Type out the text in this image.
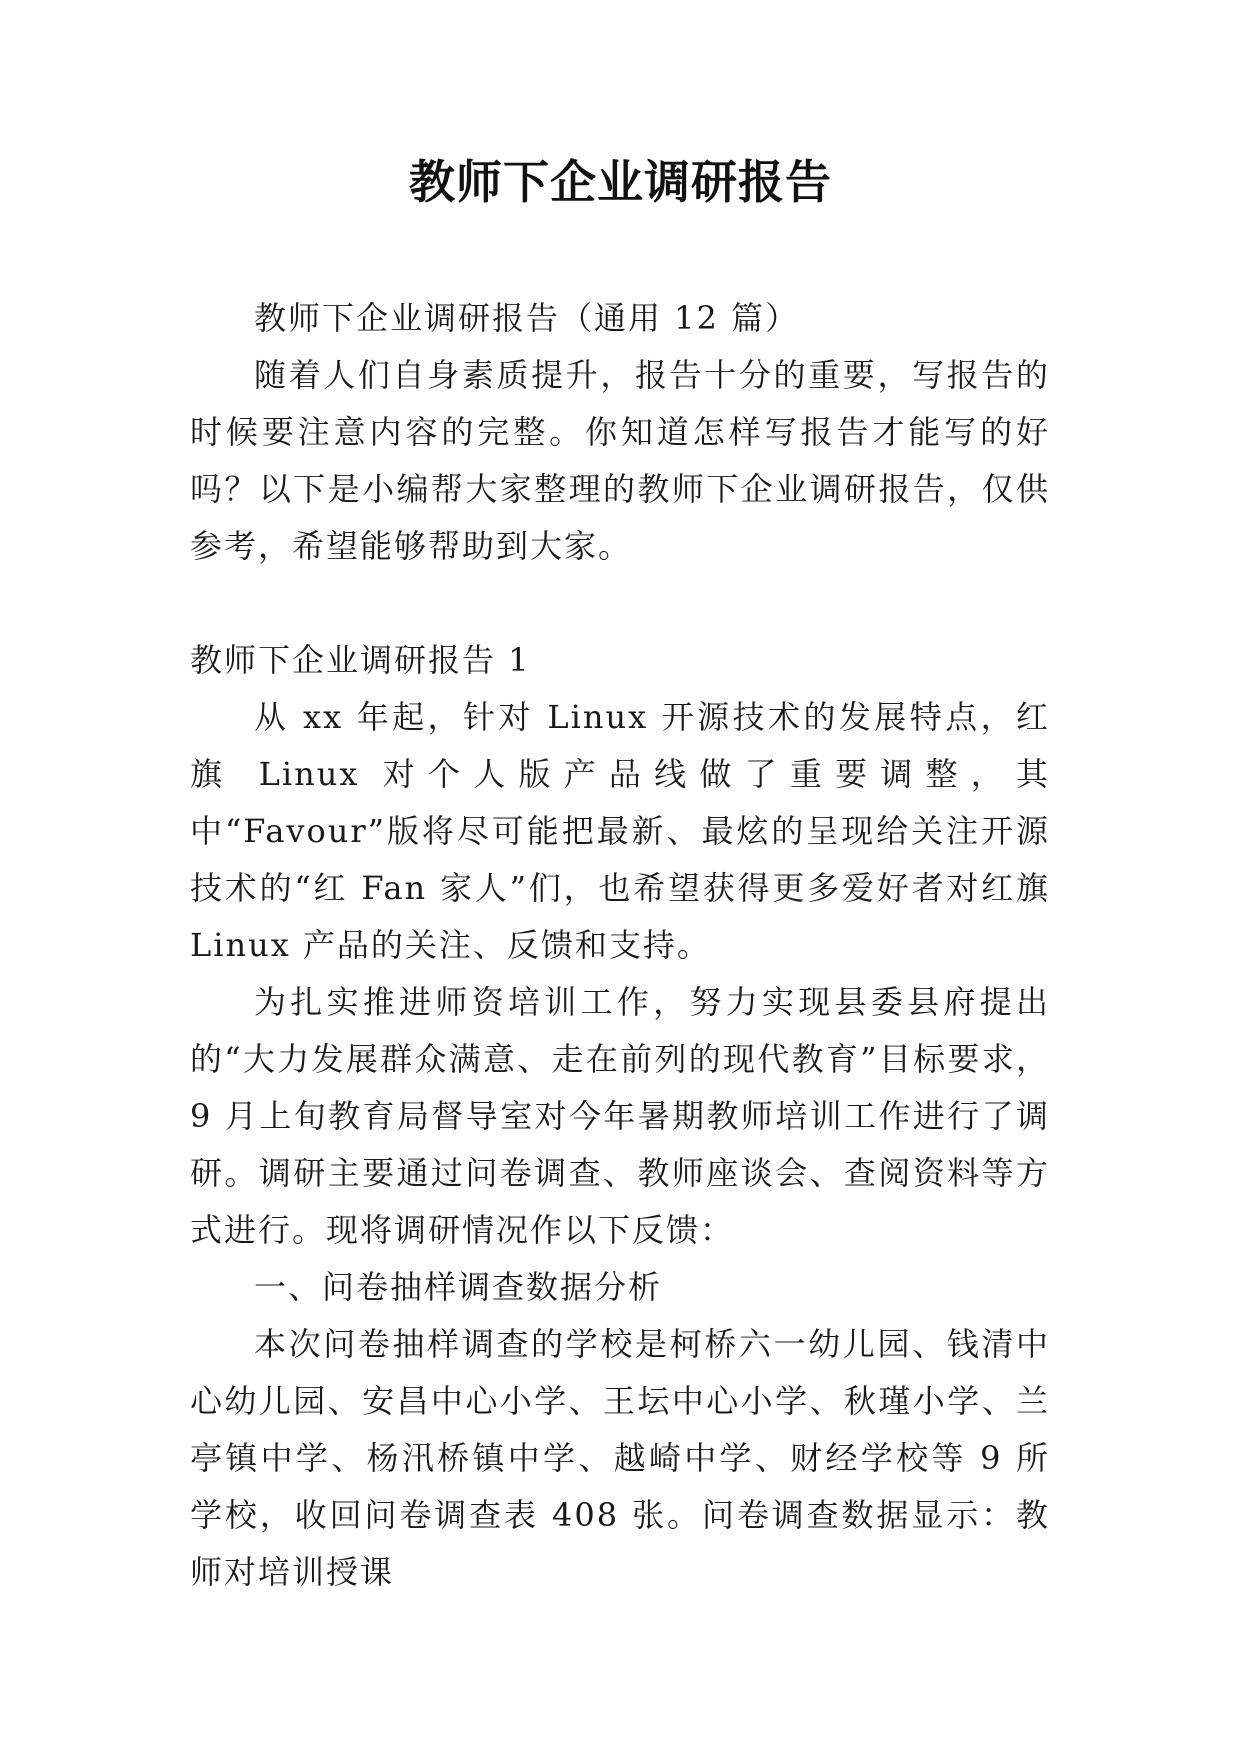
教师下企业调研报告

教师下企业调研报告（通用 12 篇）

随着人们自身素质提升，报告十分的重要，写报告的时候要注意内容的完整。你知道怎样写报告才能写的好吗？以下是小编帮大家整理的教师下企业调研报告，仅供参考，希望能够帮助到大家。

教师下企业调研报告 1

从 xx 年起，针对 Linux 开源技术的发展特点，红旗 Linux 对个人版产品线做了重要调整，其中“Favour”版将尽可能把最新、最炫的呈现给关注开源技术的“红 Fan 家人”们，也希望获得更多爱好者对红旗 Linux 产品的关注、反馈和支持。

为扎实推进师资培训工作，努力实现县委县府提出的“大力发展群众满意、走在前列的现代教育”目标要求，9 月上旬教育局督导室对今年暑期教师培训工作进行了调研。调研主要通过问卷调查、教师座谈会、查阅资料等方式进行。现将调研情况作以下反馈：

一、问卷抽样调查数据分析

本次问卷抽样调查的学校是柯桥六一幼儿园、钱清中心幼儿园、安昌中心小学、王坛中心小学、秋瑾小学、兰亭镇中学、杨汛桥镇中学、越崎中学、财经学校等 9 所学校，收回问卷调查表 408 张。问卷调查数据显示：教师对培训授课
